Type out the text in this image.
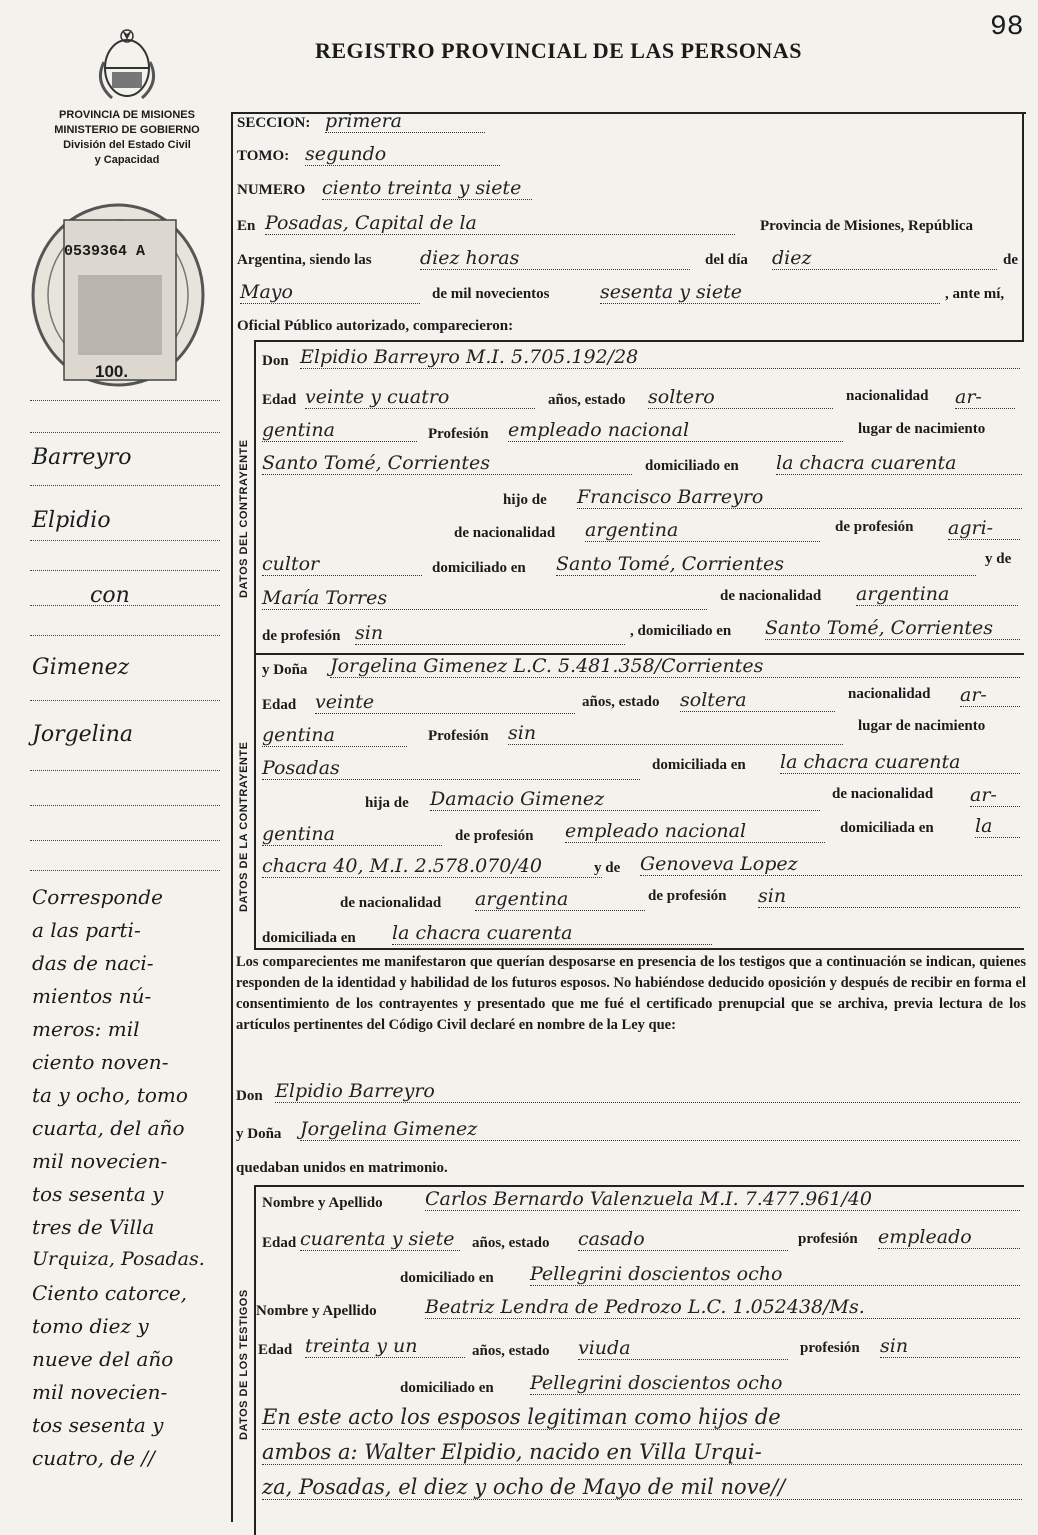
98
REGISTRO PROVINCIAL DE LAS PERSONAS
PROVINCIA DE MISIONES
MINISTERIO DE GOBIERNO
División del Estado Civil
y Capacidad
0539364 A
100.
DATOS DEL CONTRAYENTE
DATOS DE LA CONTRAYENTE
DATOS DE LOS TESTIGOS
SECCION: primera
TOMO: segundo
NUMERO ciento treinta y siete
En Posadas, Capital de la	Provincia de Misiones, República
Argentina, siendo las	diez horas	del día diez	de
Mayo	de mil novecientos	sesenta y siete	, ante mí,
Oficial Público autorizado, comparecieron:
Don Elpidio Barreyro M.I. 5.705.192/28
Edad veinte y cuatro	años, estado soltero	nacionalidad ar-
gentina	Profesión empleado nacional	lugar de nacimiento
Santo Tomé, Corrientes	domiciliado en la chacra cuarenta
hijo de Francisco Barreyro
de nacionalidad argentina	de profesión agri-
cultor	domiciliado en Santo Tomé, Corrientes	y de
María Torres	de nacionalidad argentina
de profesión sin	, domiciliado en Santo Tomé, Corrientes
y Doña Jorgelina Gimenez L.C. 5.481.358/Corrientes
Edad veinte	años, estado soltera	nacionalidad ar-
gentina	Profesión sin	lugar de nacimiento
Posadas	domiciliada en la chacra cuarenta
hija de Damacio Gimenez	de nacionalidad ar-
gentina	de profesión empleado nacional	domiciliada en la
chacra 40, M.I. 2.578.070/40	y de Genoveva Lopez
de nacionalidad argentina	de profesión sin
domiciliada en la chacra cuarenta
Los comparecientes me manifestaron que querían desposarse en presencia de los testigos que a continuación se indican, quienes responden de la identidad y habilidad de los futuros esposos. No habiéndose deducido oposición y después de recibir en forma el consentimiento de los contrayentes y presentado que me fué el certificado prenupcial que se archiva, previa lectura de los artículos pertinentes del Código Civil declaré en nombre de la Ley que:
Don Elpidio Barreyro
y Doña Jorgelina Gimenez
quedaban unidos en matrimonio.
Nombre y Apellido Carlos Bernardo Valenzuela M.I. 7.477.961/40
Edad cuarenta y siete	años, estado casado	profesión empleado
domiciliado en Pellegrini doscientos ocho
Nombre y Apellido	Beatriz Lendra de Pedrozo L.C. 1.052438/Ms.
Edad treinta y un	años, estado viuda	profesión sin
domiciliado en Pellegrini doscientos ocho
En este acto los esposos legitiman como hijos de
ambos a: Walter Elpidio, nacido en Villa Urqui-
za, Posadas, el diez y ocho de Mayo de mil nove//
Barreyro
Elpidio
con
Gimenez
Jorgelina
Corresponde
a las parti-
das de naci-
mientos nú-
meros: mil
ciento noven-
ta y ocho, tomo
cuarta, del año
mil novecien-
tos sesenta y
tres de Villa
Urquiza, Posadas.
Ciento catorce,
tomo diez y
nueve del año
mil novecien-
tos sesenta y
cuatro, de //
